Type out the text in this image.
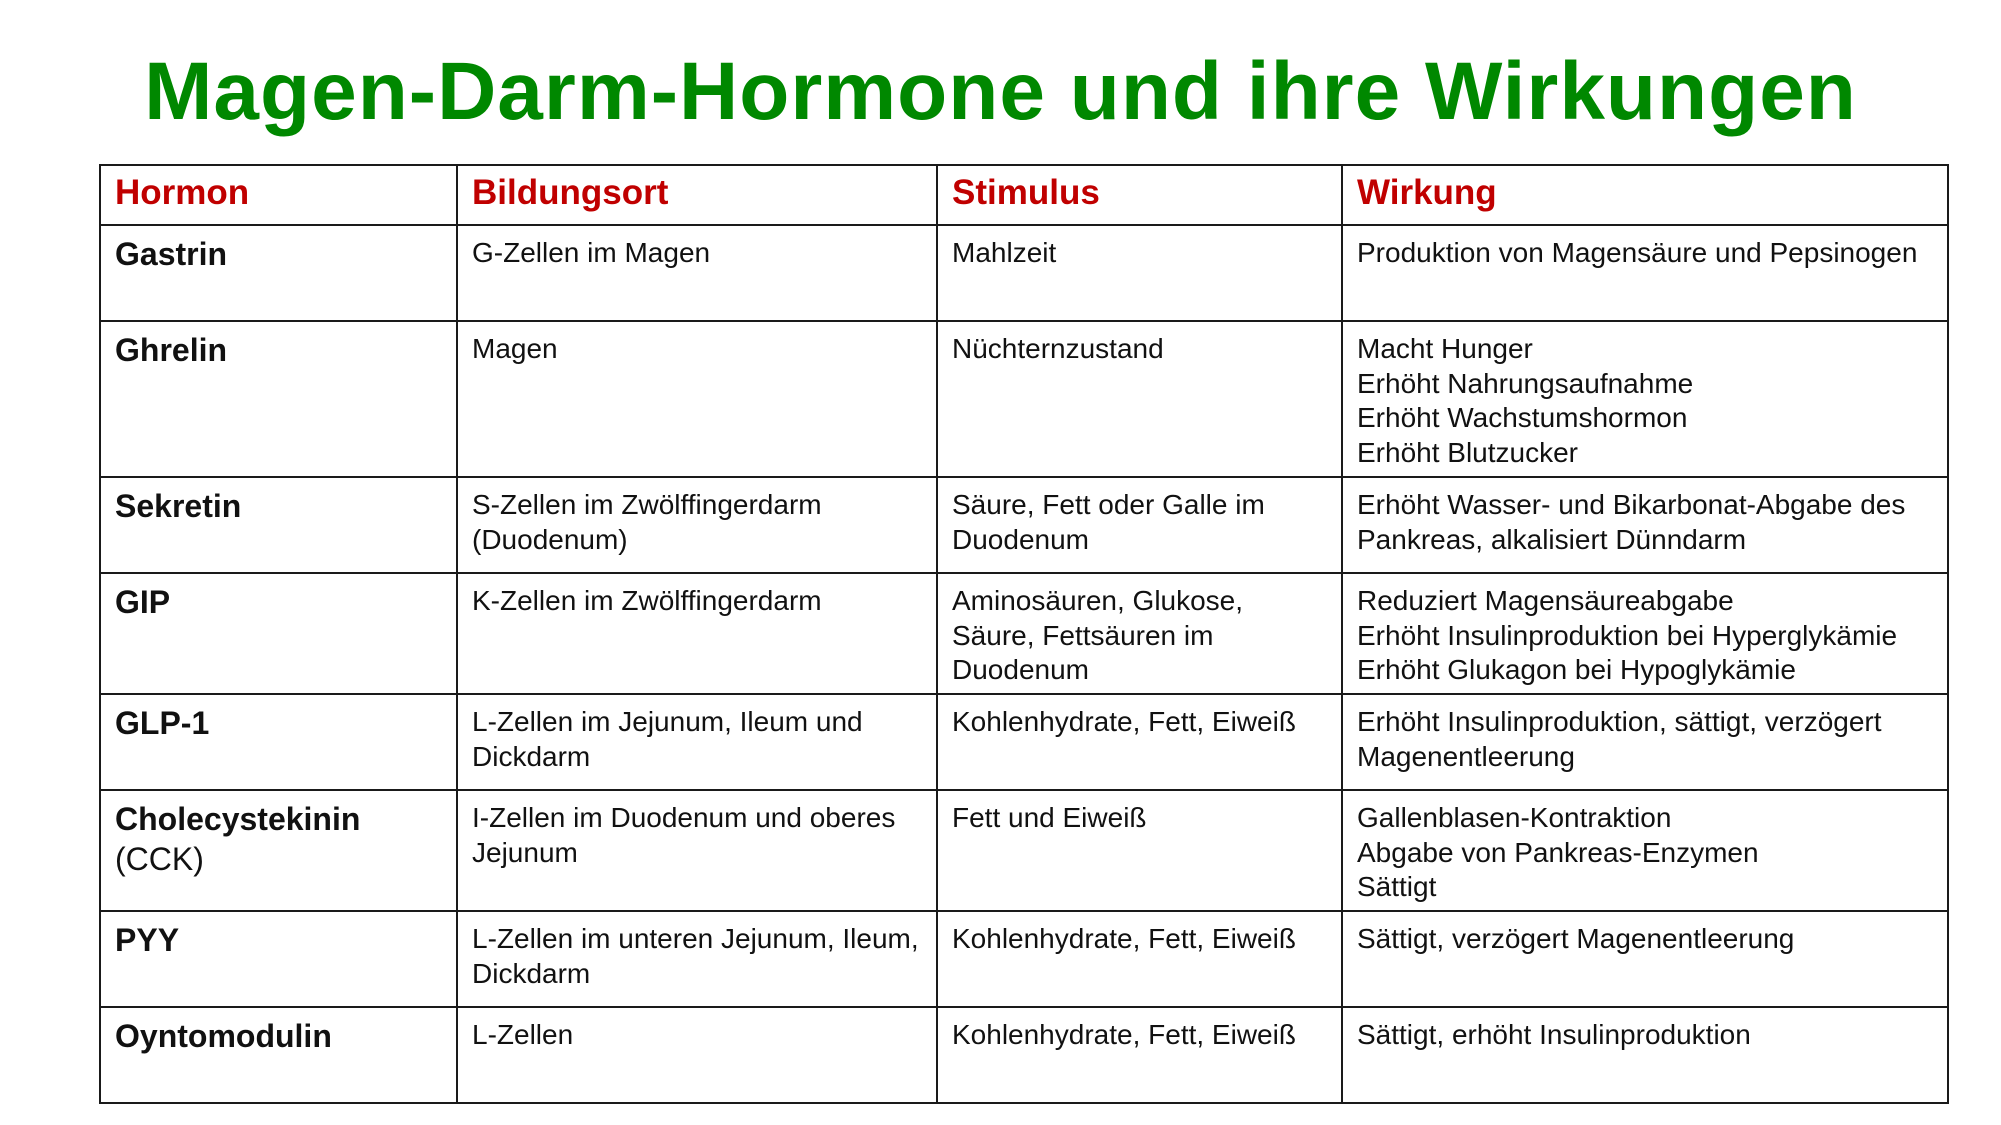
Magen-Darm-Hormone und ihre Wirkungen
Hormon	Bildungsort	Stimulus	Wirkung
Gastrin	G-Zellen im Magen	Mahlzeit	Produktion von Magensäure und Pepsinogen

Ghrelin	Magen	Nüchternzustand	Macht Hunger
Erhöht Nahrungsaufnahme
Erhöht Wachstumshormon
Erhöht Blutzucker

Sekretin	S-Zellen im Zwölffingerdarm (Duodenum)	Säure, Fett oder Galle im Duodenum	Erhöht Wasser- und Bikarbonat-Abgabe des Pankreas, alkalisiert Dünndarm

GIP	K-Zellen im Zwölffingerdarm	Aminosäuren, Glukose, Säure, Fettsäuren im Duodenum	Reduziert Magensäureabgabe
Erhöht Insulinproduktion bei Hyperglykämie
Erhöht Glukagon bei Hypoglykämie

GLP-1	L-Zellen im Jejunum, Ileum und Dickdarm	Kohlenhydrate, Fett, Eiweiß	Erhöht Insulinproduktion, sättigt, verzögert Magenentleerung

Cholecystekinin
(CCK)	I-Zellen im Duodenum und oberes Jejunum	Fett und Eiweiß	Gallenblasen-Kontraktion
Abgabe von Pankreas-Enzymen
Sättigt

PYY	L-Zellen im unteren Jejunum, Ileum, Dickdarm	Kohlenhydrate, Fett, Eiweiß	Sättigt, verzögert Magenentleerung

Oyntomodulin	L-Zellen	Kohlenhydrate, Fett, Eiweiß	Sättigt, erhöht Insulinproduktion
